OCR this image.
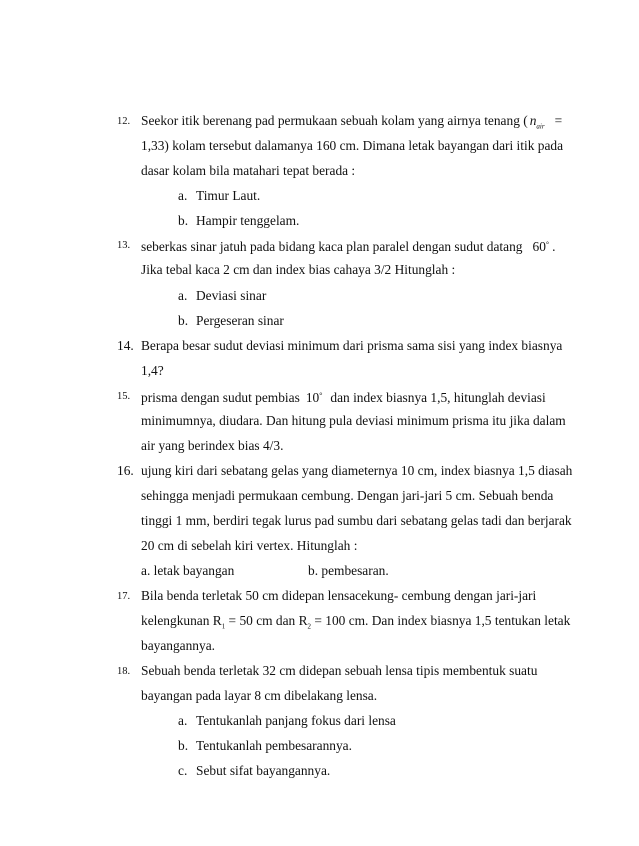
12. Seekor itik berenang pad permukaan sebuah kolam yang airnya tenang ( $n_{air}$ =
1,33) kolam tersebut dalamanya 160 cm. Dimana letak bayangan dari itik pada
dasar kolam bila matahari tepat berada :
a. Timur Laut.
b. Hampir tenggelam.
13. seberkas sinar jatuh pada bidang kaca plan paralel dengan sudut datang 60° .
Jika tebal kaca 2 cm dan index bias cahaya 3/2 Hitunglah :
a. Deviasi sinar
b. Pergeseran sinar
14. Berapa besar sudut deviasi minimum dari prisma sama sisi yang index biasnya
1,4?
15. prisma dengan sudut pembias 10° dan index biasnya 1,5, hitunglah deviasi
minimumnya, diudara. Dan hitung pula deviasi minimum prisma itu jika dalam
air yang berindex bias 4/3.
16. ujung kiri dari sebatang gelas yang diameternya 10 cm, index biasnya 1,5 diasah
sehingga menjadi permukaan cembung. Dengan jari-jari 5 cm. Sebuah benda
tinggi 1 mm, berdiri tegak lurus pad sumbu dari sebatang gelas tadi dan berjarak
20 cm di sebelah kiri vertex. Hitunglah :
a. letak bayangan	b. pembesaran.
17. Bila benda terletak 50 cm didepan lensacekung- cembung dengan jari-jari
kelengkunan $R_1 = 50$ cm dan $R_2 = 100$ cm. Dan index biasnya 1,5 tentukan letak
bayangannya.
18. Sebuah benda terletak 32 cm didepan sebuah lensa tipis membentuk suatu
bayangan pada layar 8 cm dibelakang lensa.
a. Tentukanlah panjang fokus dari lensa
b. Tentukanlah pembesarannya.
c. Sebut sifat bayangannya.
